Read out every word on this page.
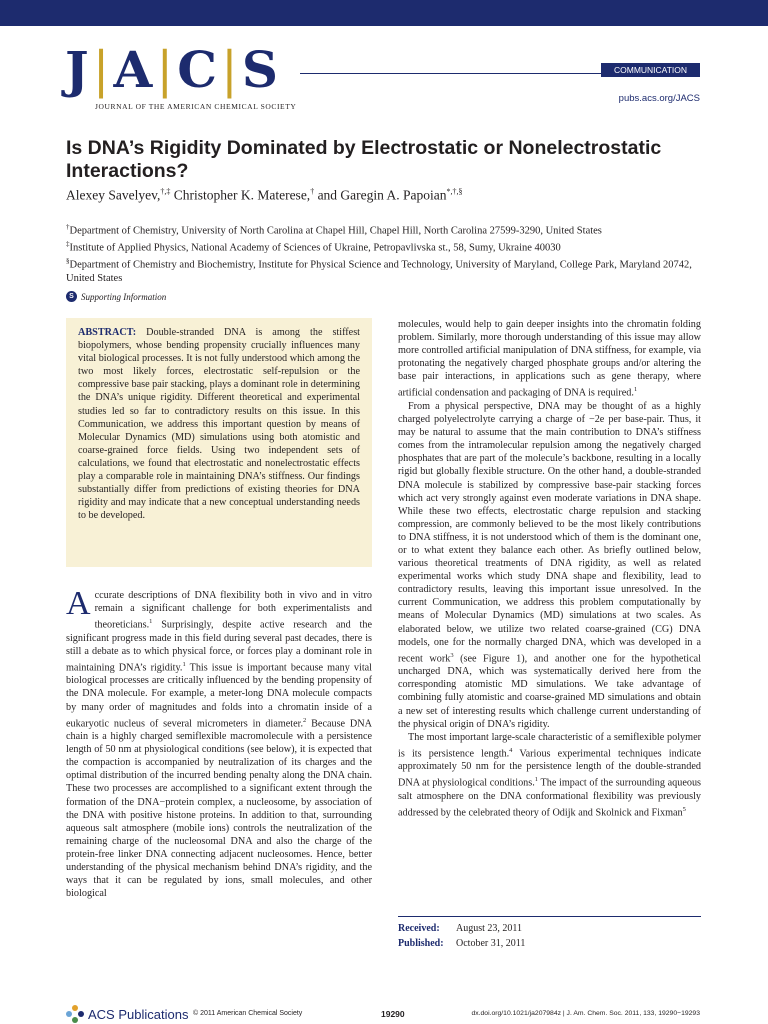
J|A|C|S
JOURNAL OF THE AMERICAN CHEMICAL SOCIETY
COMMUNICATION
pubs.acs.org/JACS
Is DNA’s Rigidity Dominated by Electrostatic or Nonelectrostatic Interactions?
Alexey Savelyev,†,‡ Christopher K. Materese,† and Garegin A. Papoian*,†,§
†Department of Chemistry, University of North Carolina at Chapel Hill, Chapel Hill, North Carolina 27599-3290, United States
‡Institute of Applied Physics, National Academy of Sciences of Ukraine, Petropavlivska st., 58, Sumy, Ukraine 40030
§Department of Chemistry and Biochemistry, Institute for Physical Science and Technology, University of Maryland, College Park, Maryland 20742, United States
S Supporting Information
ABSTRACT: Double-stranded DNA is among the stiffest biopolymers, whose bending propensity crucially influences many vital biological processes. It is not fully understood which among the two most likely forces, electrostatic self-repulsion or the compressive base pair stacking, plays a dominant role in determining the DNA’s unique rigidity. Different theoretical and experimental studies led so far to contradictory results on this issue. In this Communication, we address this important question by means of Molecular Dynamics (MD) simulations using both atomistic and coarse-grained force fields. Using two independent sets of calculations, we found that electrostatic and nonelectrostatic effects play a comparable role in maintaining DNA’s stiffness. Our findings substantially differ from predictions of existing theories for DNA rigidity and may indicate that a new conceptual understanding needs to be developed.
Accurate descriptions of DNA flexibility both in vivo and in vitro remain a significant challenge for both experimentalists and theoreticians.$^1$ Surprisingly, despite active research and the significant progress made in this field during several past decades, there is still a debate as to which physical force, or forces play a dominant role in maintaining DNA’s rigidity.$^1$ This issue is important because many vital biological processes are critically influenced by the bending propensity of the DNA molecule. For example, a meter-long DNA molecule compacts by many order of magnitudes and folds into a chromatin inside of a eukaryotic nucleus of several micrometers in diameter.$^2$ Because DNA chain is a highly charged semiflexible macromolecule with a persistence length of 50 nm at physiological conditions (see below), it is expected that the compaction is accompanied by neutralization of its charges and the optimal distribution of the incurred bending penalty along the DNA chain. These two processes are accomplished to a significant extent through the formation of the DNA−protein complex, a nucleosome, by association of the DNA with positive histone proteins. In addition to that, surrounding aqueous salt atmosphere (mobile ions) controls the neutralization of the remaining charge of the nucleosomal DNA and also the charge of the protein-free linker DNA connecting adjacent nucleosomes. Hence, better understanding of the physical mechanism behind DNA’s rigidity, and the ways that it can be regulated by ions, small molecules, and other biological

molecules, would help to gain deeper insights into the chromatin folding problem. Similarly, more thorough understanding of this issue may allow more controlled artificial manipulation of DNA stiffness, for example, via protonating the negatively charged phosphate groups and/or altering the base pair interactions, in applications such as gene therapy, where artificial condensation and packaging of DNA is required.$^1$

From a physical perspective, DNA may be thought of as a highly charged polyelectrolyte carrying a charge of −2e per base-pair. Thus, it may be natural to assume that the main contribution to DNA’s stiffness comes from the intramolecular repulsion among the negatively charged phosphates that are part of the molecule’s backbone, resulting in a locally rigid but globally flexible structure. On the other hand, a double-stranded DNA molecule is stabilized by compressive base-pair stacking forces which act very strongly against even moderate variations in DNA shape. While these two effects, electrostatic charge repulsion and stacking compression, are commonly believed to be the most likely contributions to DNA stiffness, it is not understood which of them is the dominant one, or to what extent they balance each other. As briefly outlined below, various theoretical treatments of DNA rigidity, as well as related experimental works which study DNA shape and flexibility, lead to contradictory results, leaving this important issue unresolved. In the current Communication, we address this problem computationally by means of Molecular Dynamics (MD) simulations at two scales. As elaborated below, we utilize two related coarse-grained (CG) DNA models, one for the normally charged DNA, which was developed in a recent work$^3$ (see Figure 1), and another one for the hypothetical uncharged DNA, which was systematically derived here from the corresponding atomistic MD simulations. We take advantage of combining fully atomistic and coarse-grained MD simulations and obtain a new set of interesting results which challenge current understanding of the physical origin of DNA’s rigidity.

The most important large-scale characteristic of a semiflexible polymer is its persistence length.$^4$ Various experimental techniques indicate approximately 50 nm for the persistence length of the double-stranded DNA at physiological conditions.$^1$ The impact of the surrounding aqueous salt atmosphere on the DNA conformational flexibility was previously addressed by the celebrated theory of Odijk and Skolnick and Fixman$^5$

Received: August 23, 2011
Published: October 31, 2011
ACS Publications © 2011 American Chemical Society	19290	dx.doi.org/10.1021/ja207984z | J. Am. Chem. Soc. 2011, 133, 19290−19293
